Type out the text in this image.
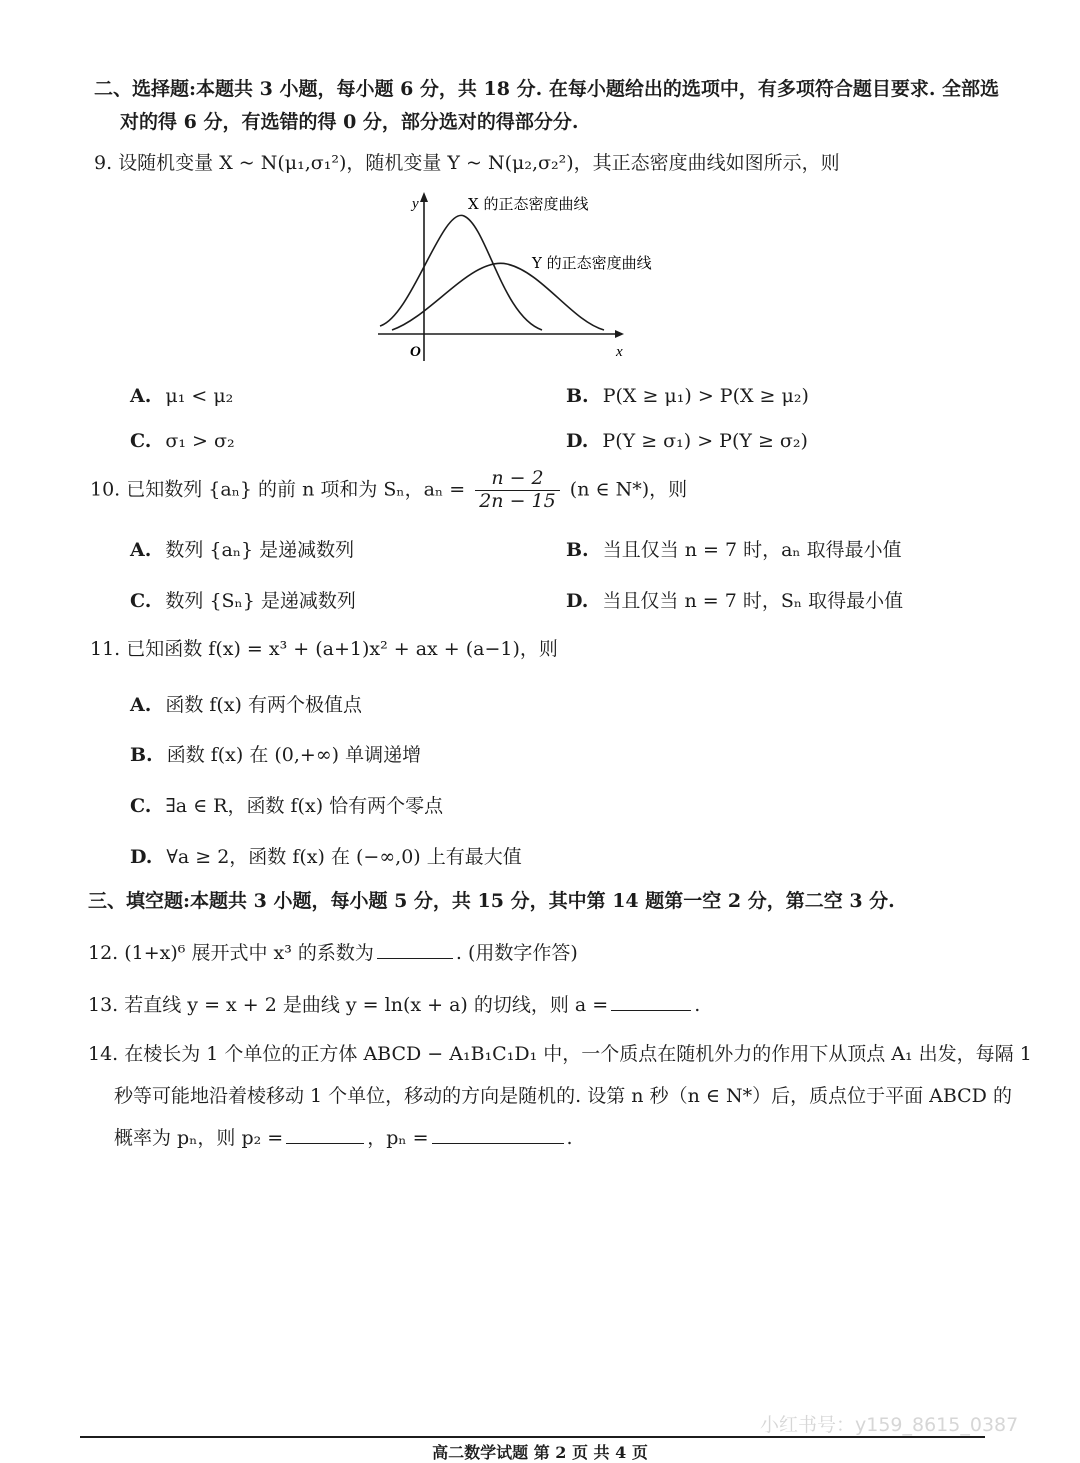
二、选择题:本题共 3 小题，每小题 6 分，共 18 分. 在每小题给出的选项中，有多项符合题目要求. 全部选
对的得 6 分，有选错的得 0 分，部分选对的得部分分.
9. 设随机变量 X ~ N(μ₁,σ₁²)，随机变量 Y ~ N(μ₂,σ₂²)，其正态密度曲线如图所示，则
y
x
O
X 的正态密度曲线
Y 的正态密度曲线
A. μ₁ < μ₂	B. P(X ≥ μ₁) > P(X ≥ μ₂)
C. σ₁ > σ₂	D. P(Y ≥ σ₁) > P(Y ≥ σ₂)
10. 已知数列 {aₙ} 的前 n 项和为 Sₙ，$a_n = \frac{n - 2}{2n - 15} (n$ ∈ N*)，则
A. 数列 {aₙ} 是递减数列	B. 当且仅当 n = 7 时，aₙ 取得最小值
C. 数列 {Sₙ} 是递减数列	D. 当且仅当 n = 7 时，Sₙ 取得最小值
11. 已知函数 f(x) = x³ + (a+1)x² + ax + (a−1)，则
A. 函数 f(x) 有两个极值点
B. 函数 f(x) 在 (0,+∞) 单调递增
C. ∃a ∈ R，函数 f(x) 恰有两个零点
D. ∀a ≥ 2，函数 f(x) 在 (−∞,0) 上有最大值
三、填空题:本题共 3 小题，每小题 5 分，共 15 分，其中第 14 题第一空 2 分，第二空 3 分.
12. (1+x)⁶ 展开式中 x³ 的系数为	. (用数字作答)
13. 若直线 y = x + 2 是曲线 y = ln(x + a) 的切线，则 a =	.
14. 在棱长为 1 个单位的正方体 ABCD − A₁B₁C₁D₁ 中，一个质点在随机外力的作用下从顶点 A₁ 出发，每隔 1
秒等可能地沿着棱移动 1 个单位，移动的方向是随机的. 设第 n 秒（n ∈ N*）后，质点位于平面 ABCD 的
概率为 pₙ，则 p₂ =	，pₙ =	.
小红书号：y159_8615_0387
高二数学试题 第 2 页 共 4 页
